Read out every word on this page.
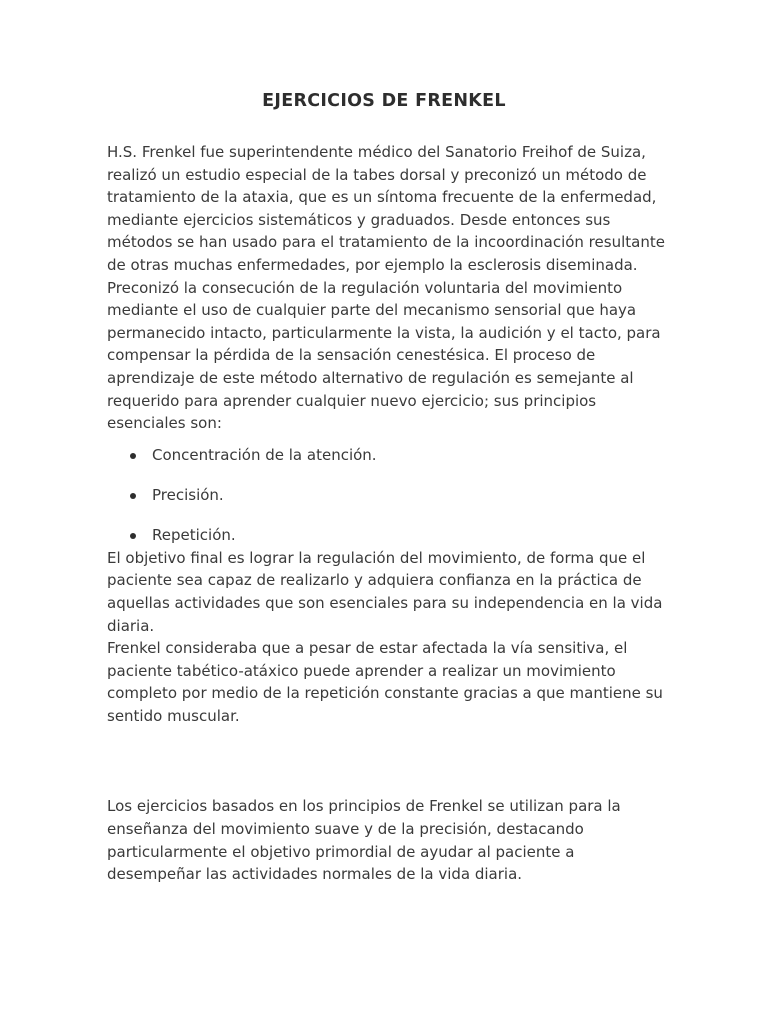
EJERCICIOS DE FRENKEL

H.S. Frenkel fue superintendente médico del Sanatorio Freihof de Suiza, realizó un estudio especial de la tabes dorsal y preconizó un método de tratamiento de la ataxia, que es un síntoma frecuente de la enfermedad, mediante ejercicios sistemáticos y graduados. Desde entonces sus métodos se han usado para el tratamiento de la incoordinación resultante de otras muchas enfermedades, por ejemplo la esclerosis diseminada.

Preconizó la consecución de la regulación voluntaria del movimiento mediante el uso de cualquier parte del mecanismo sensorial que haya permanecido intacto, particularmente la vista, la audición y el tacto, para compensar la pérdida de la sensación cenestésica. El proceso de aprendizaje de este método alternativo de regulación es semejante al requerido para aprender cualquier nuevo ejercicio; sus principios esenciales son:

Concentración de la atención.
Precisión.
Repetición.

El objetivo final es lograr la regulación del movimiento, de forma que el paciente sea capaz de realizarlo y adquiera confianza en la práctica de aquellas actividades que son esenciales para su independencia en la vida diaria.

Frenkel consideraba que a pesar de estar afectada la vía sensitiva, el paciente tabético-atáxico puede aprender a realizar un movimiento completo por medio de la repetición constante gracias a que mantiene su sentido muscular.

Los ejercicios basados en los principios de Frenkel se utilizan para la enseñanza del movimiento suave y de la precisión, destacando particularmente el objetivo primordial de ayudar al paciente a desempeñar las actividades normales de la vida diaria.
